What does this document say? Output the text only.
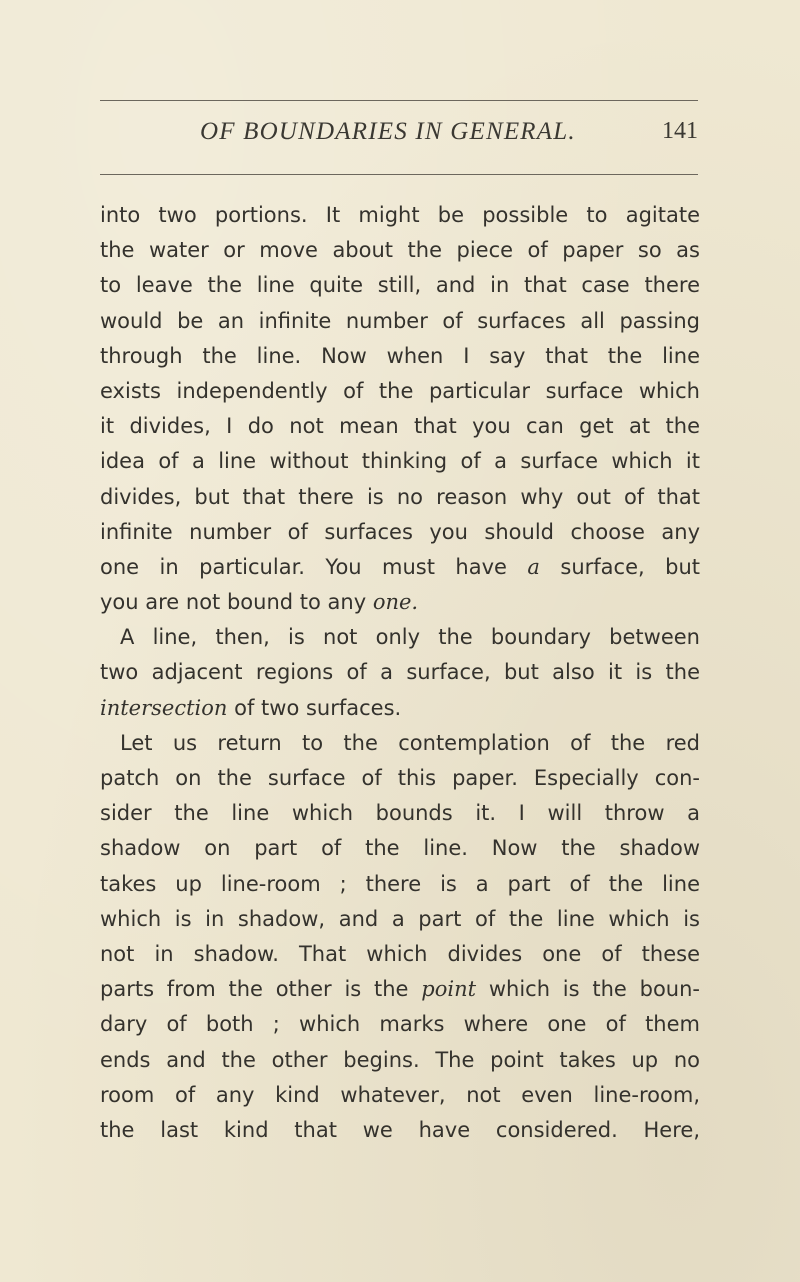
OF BOUNDARIES IN GENERAL.	141
into two portions. It might be possible to agitate
the water or move about the piece of paper so as
to leave the line quite still, and in that case there
would be an infinite number of surfaces all passing
through the line. Now when I say that the line
exists independently of the particular surface which
it divides, I do not mean that you can get at the
idea of a line without thinking of a surface which it
divides, but that there is no reason why out of that
infinite number of surfaces you should choose any
one in particular. You must have a surface, but
you are not bound to any one.
A line, then, is not only the boundary between
two adjacent regions of a surface, but also it is the
intersection of two surfaces.
Let us return to the contemplation of the red
patch on the surface of this paper. Especially con-
sider the line which bounds it. I will throw a
shadow on part of the line. Now the shadow
takes up line-room ; there is a part of the line
which is in shadow, and a part of the line which is
not in shadow. That which divides one of these
parts from the other is the point which is the boun-
dary of both ; which marks where one of them
ends and the other begins. The point takes up no
room of any kind whatever, not even line-room,
the last kind that we have considered. Here,
